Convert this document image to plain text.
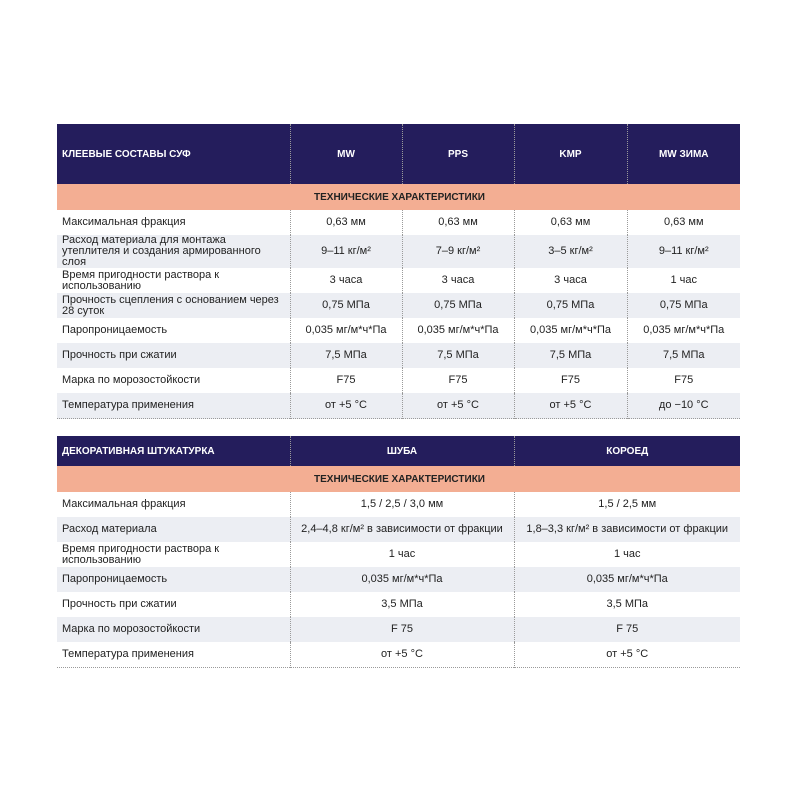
КЛЕЕВЫЕ СОСТАВЫ СУФ	MW	PPS	KMP	MW ЗИМА
ТЕХНИЧЕСКИЕ ХАРАКТЕРИСТИКИ				
Максимальная фракция	0,63 мм	0,63 мм	0,63 мм	0,63 мм
Расход материала для монтажа утеплителя и создания армированного слоя	9–11 кг/м²	7–9 кг/м²	3–5 кг/м²	9–11 кг/м²
Время пригодности раствора к использованию	3 часа	3 часа	3 часа	1 час
Прочность сцепления с основанием через 28 суток	0,75 МПа	0,75 МПа	0,75 МПа	0,75 МПа
Паропроницаемость	0,035 мг/м*ч*Па	0,035 мг/м*ч*Па	0,035 мг/м*ч*Па	0,035 мг/м*ч*Па
Прочность при сжатии	7,5 МПа	7,5 МПа	7,5 МПа	7,5 МПа
Марка по морозостойкости	F75	F75	F75	F75
Температура применения	от +5 °C	от +5 °C	от +5 °C	до −10 °C
ДЕКОРАТИВНАЯ ШТУКАТУРКА	ШУБА	КОРОЕД
ТЕХНИЧЕСКИЕ ХАРАКТЕРИСТИКИ		
Максимальная фракция	1,5 / 2,5 / 3,0 мм	1,5 / 2,5 мм
Расход материала	2,4–4,8 кг/м² в зависимости от фракции	1,8–3,3 кг/м² в зависимости от фракции
Время пригодности раствора к использованию	1 час	1 час
Паропроницаемость	0,035 мг/м*ч*Па	0,035 мг/м*ч*Па
Прочность при сжатии	3,5 МПа	3,5 МПа
Марка по морозостойкости	F 75	F 75
Температура применения	от +5 °C	от +5 °C
